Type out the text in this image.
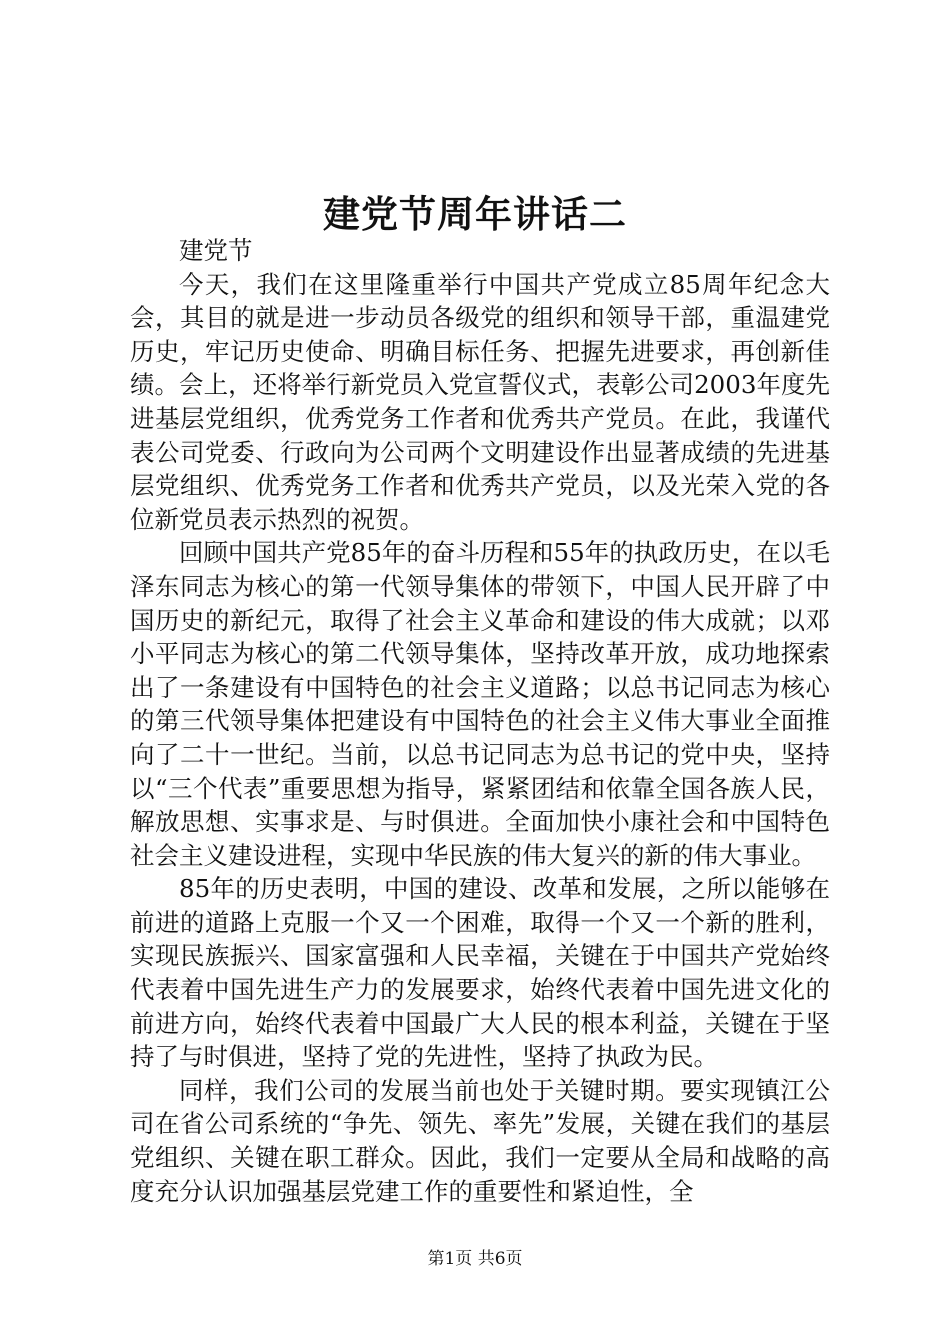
建党节周年讲话二

建党节

今天，我们在这里隆重举行中国共产党成立85周年纪念大会，其目的就是进一步动员各级党的组织和领导干部，重温建党历史，牢记历史使命、明确目标任务、把握先进要求，再创新佳绩。会上，还将举行新党员入党宣誓仪式，表彰公司2003年度先进基层党组织，优秀党务工作者和优秀共产党员。在此，我谨代表公司党委、行政向为公司两个文明建设作出显著成绩的先进基层党组织、优秀党务工作者和优秀共产党员，以及光荣入党的各位新党员表示热烈的祝贺。

回顾中国共产党85年的奋斗历程和55年的执政历史，在以毛泽东同志为核心的第一代领导集体的带领下，中国人民开辟了中国历史的新纪元，取得了社会主义革命和建设的伟大成就；以邓小平同志为核心的第二代领导集体，坚持改革开放，成功地探索出了一条建设有中国特色的社会主义道路；以总书记同志为核心的第三代领导集体把建设有中国特色的社会主义伟大事业全面推向了二十一世纪。当前，以总书记同志为总书记的党中央，坚持以“三个代表”重要思想为指导，紧紧团结和依靠全国各族人民，解放思想、实事求是、与时俱进。全面加快小康社会和中国特色社会主义建设进程，实现中华民族的伟大复兴的新的伟大事业。

85年的历史表明，中国的建设、改革和发展，之所以能够在前进的道路上克服一个又一个困难，取得一个又一个新的胜利，实现民族振兴、国家富强和人民幸福，关键在于中国共产党始终代表着中国先进生产力的发展要求，始终代表着中国先进文化的前进方向，始终代表着中国最广大人民的根本利益，关键在于坚持了与时俱进，坚持了党的先进性，坚持了执政为民。

同样，我们公司的发展当前也处于关键时期。要实现镇江公司在省公司系统的“争先、领先、率先”发展，关键在我们的基层党组织、关键在职工群众。因此，我们一定要从全局和战略的高度充分认识加强基层党建工作的重要性和紧迫性，全

第1页 共6页
